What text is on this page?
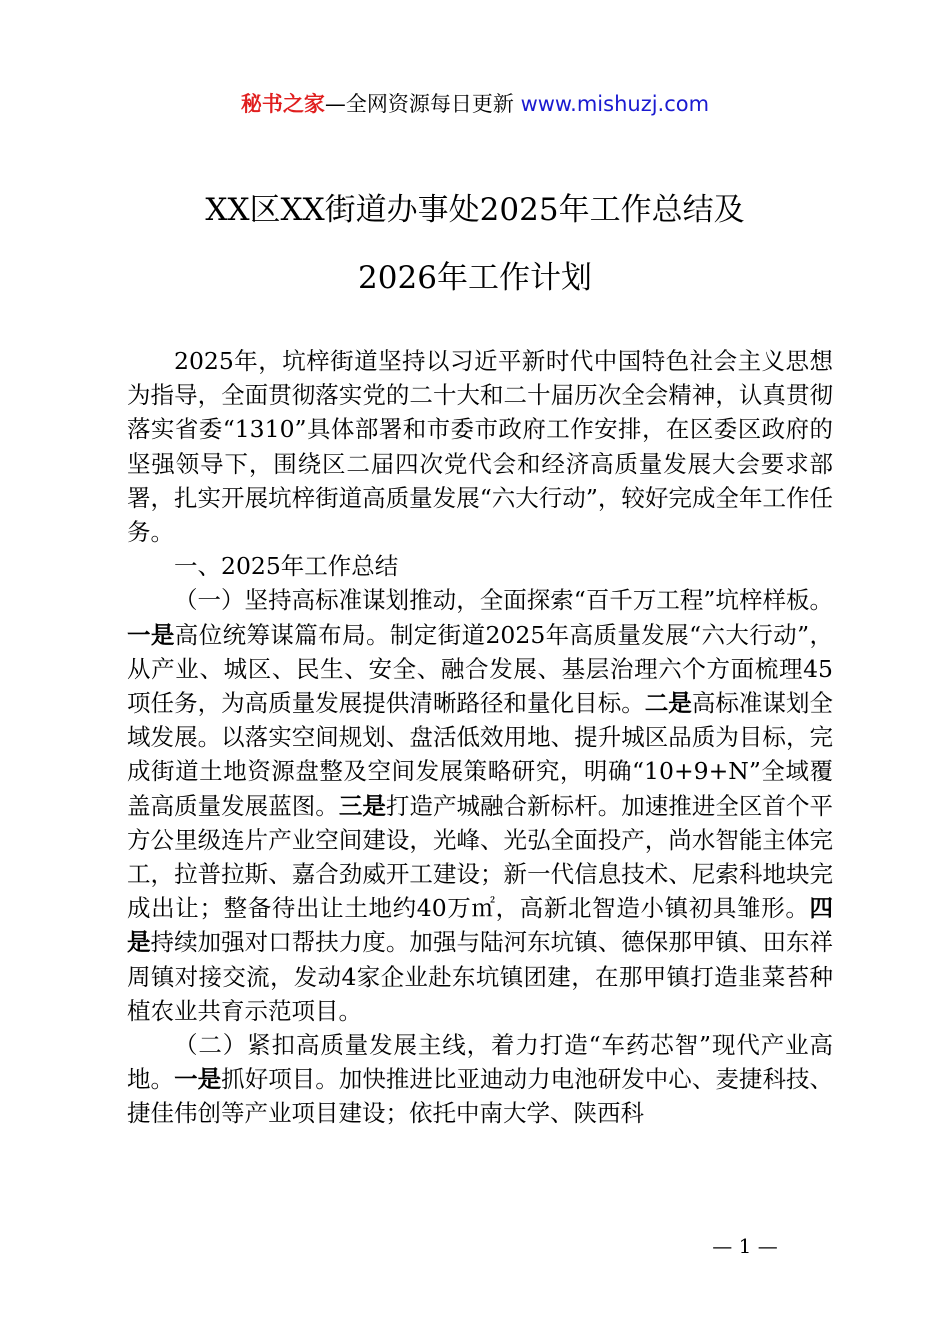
秘书之家—全网资源每日更新 www.mishuzj.com
XX区XX街道办事处2025年工作总结及
2026年工作计划

2025年，坑梓街道坚持以习近平新时代中国特色社会主义思想为指导，全面贯彻落实党的二十大和二十届历次全会精神，认真贯彻落实省委“1310”具体部署和市委市政府工作安排，在区委区政府的坚强领导下，围绕区二届四次党代会和经济高质量发展大会要求部署，扎实开展坑梓街道高质量发展“六大行动”，较好完成全年工作任务。

一、2025年工作总结

（一）坚持高标准谋划推动，全面探索“百千万工程”坑梓样板。一是高位统筹谋篇布局。制定街道2025年高质量发展“六大行动”，从产业、城区、民生、安全、融合发展、基层治理六个方面梳理45项任务，为高质量发展提供清晰路径和量化目标。二是高标准谋划全域发展。以落实空间规划、盘活低效用地、提升城区品质为目标，完成街道土地资源盘整及空间发展策略研究，明确“10+9+N”全域覆盖高质量发展蓝图。三是打造产城融合新标杆。加速推进全区首个平方公里级连片产业空间建设，光峰、光弘全面投产，尚水智能主体完工，拉普拉斯、嘉合劲威开工建设；新一代信息技术、尼索科地块完成出让；整备待出让土地约40万㎡，高新北智造小镇初具雏形。四是持续加强对口帮扶力度。加强与陆河东坑镇、德保那甲镇、田东祥周镇对接交流，发动4家企业赴东坑镇团建，在那甲镇打造韭菜苔种植农业共育示范项目。

（二）紧扣高质量发展主线，着力打造“车药芯智”现代产业高地。一是抓好项目。加快推进比亚迪动力电池研发中心、麦捷科技、捷佳伟创等产业项目建设；依托中南大学、陕西科

— 1 —
